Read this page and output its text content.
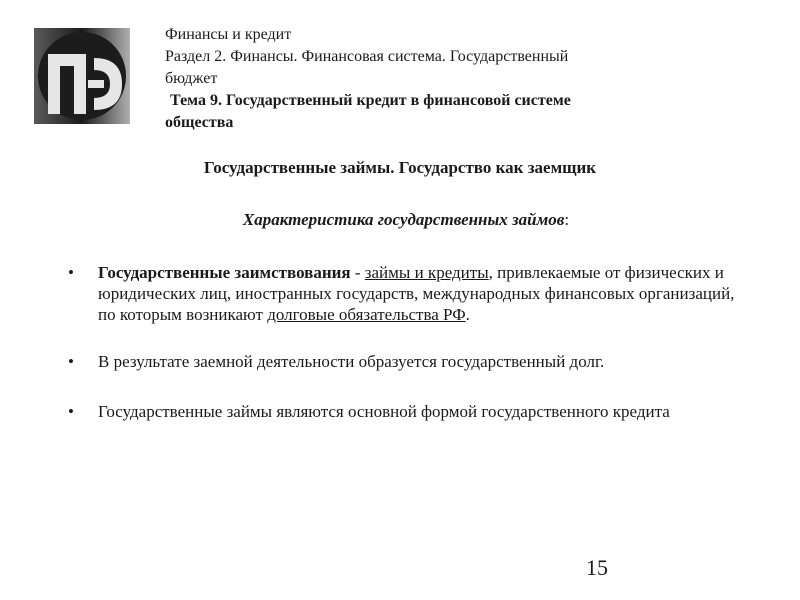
Финансы и кредит
Раздел 2. Финансы. Финансовая система. Государственный
бюджет
Тема 9. Государственный кредит в финансовой системе
общества
Государственные займы. Государство как заемщик
Характеристика государственных займов:
• Государственные заимствования - займы и кредиты, привлекаемые от физических и юридических лиц, иностранных государств, международных финансовых организаций, по которым возникают долговые обязательства РФ.
• В результате заемной деятельности образуется государственный долг.
• Государственные займы являются основной формой государственного кредита
15
